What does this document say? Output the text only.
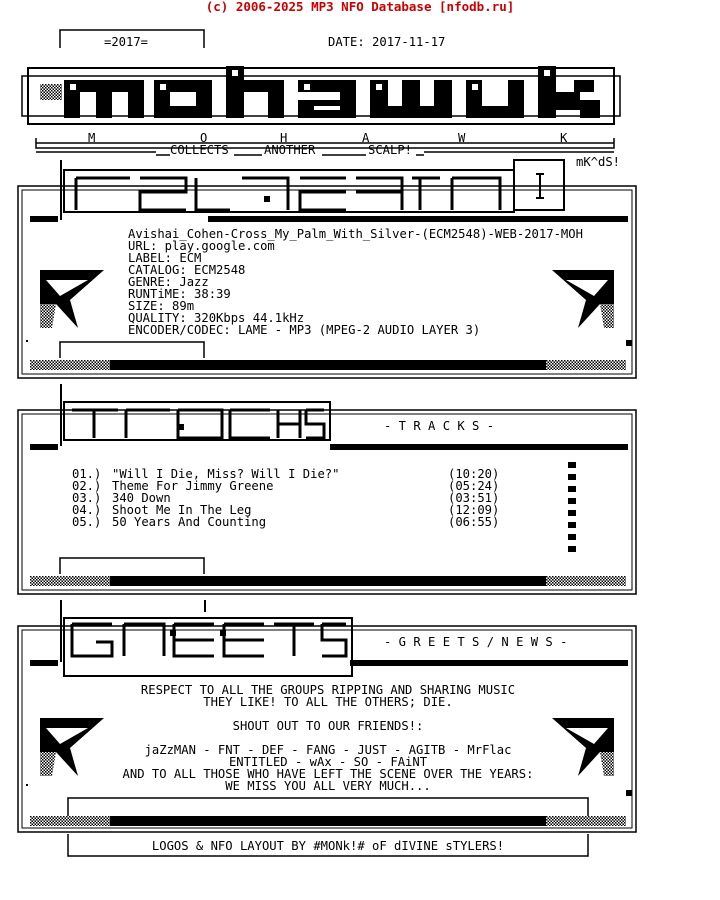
(c) 2006-2025 MP3 NFO Database [nfodb.ru]
=2017=	DATE: 2017-11-17
M	O	H	A	W	K
COLLECTS	ANOTHER	SCALP!
mK^dS!
Avishai_Cohen-Cross_My_Palm_With_Silver-(ECM2548)-WEB-2017-MOH
URL: play.google.com
LABEL: ECM
CATALOG: ECM2548
GENRE: Jazz
RUNTiME: 38:39
SIZE: 89m
QUALITY: 320Kbps 44.1kHz
ENCODER/CODEC: LAME - MP3 (MPEG-2 AUDIO LAYER 3)
- T R A C K S -
01.) "Will I Die, Miss? Will I Die?"	(10:20)
02.) Theme For Jimmy Greene	(05:24)
03.) 340 Down	(03:51)
04.) Shoot Me In The Leg	(12:09)
05.) 50 Years And Counting	(06:55)
- G R E E T S / N E W S -
RESPECT TO ALL THE GROUPS RIPPING AND SHARING MUSIC
THEY LIKE! TO ALL THE OTHERS; DIE.
SHOUT OUT TO OUR FRIENDS!:
jaZzMAN - FNT - DEF - FANG - JUST - AGITB - MrFlac
ENTITLED - wAx - SO - FAiNT
AND TO ALL THOSE WHO HAVE LEFT THE SCENE OVER THE YEARS:
WE MISS YOU ALL VERY MUCH...
LOGOS & NFO LAYOUT BY #MONk!# oF dIVINE sTYLERS!
